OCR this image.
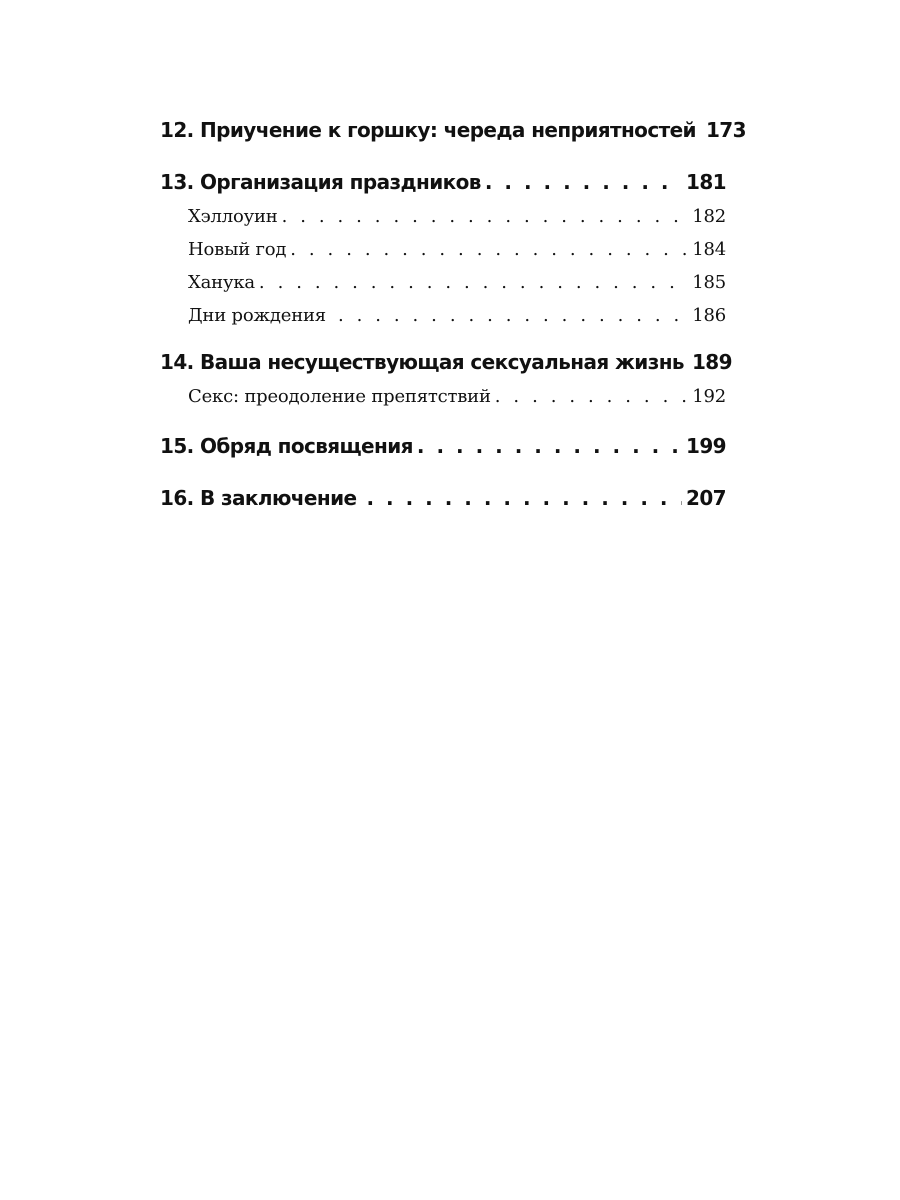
12. Приучение к горшку: череда неприятностей 173
13. Организация праздников . . .	181
Хэллоуин . . .	182
Новый год . . .	184
Ханука . . .	185
Дни рождения . . .	186
14. Ваша несуществующая сексуальная жизнь 189
Секс: преодоление препятствий . . .	192
15. Обряд посвящения . . .	199
16. В заключение . . .	207
